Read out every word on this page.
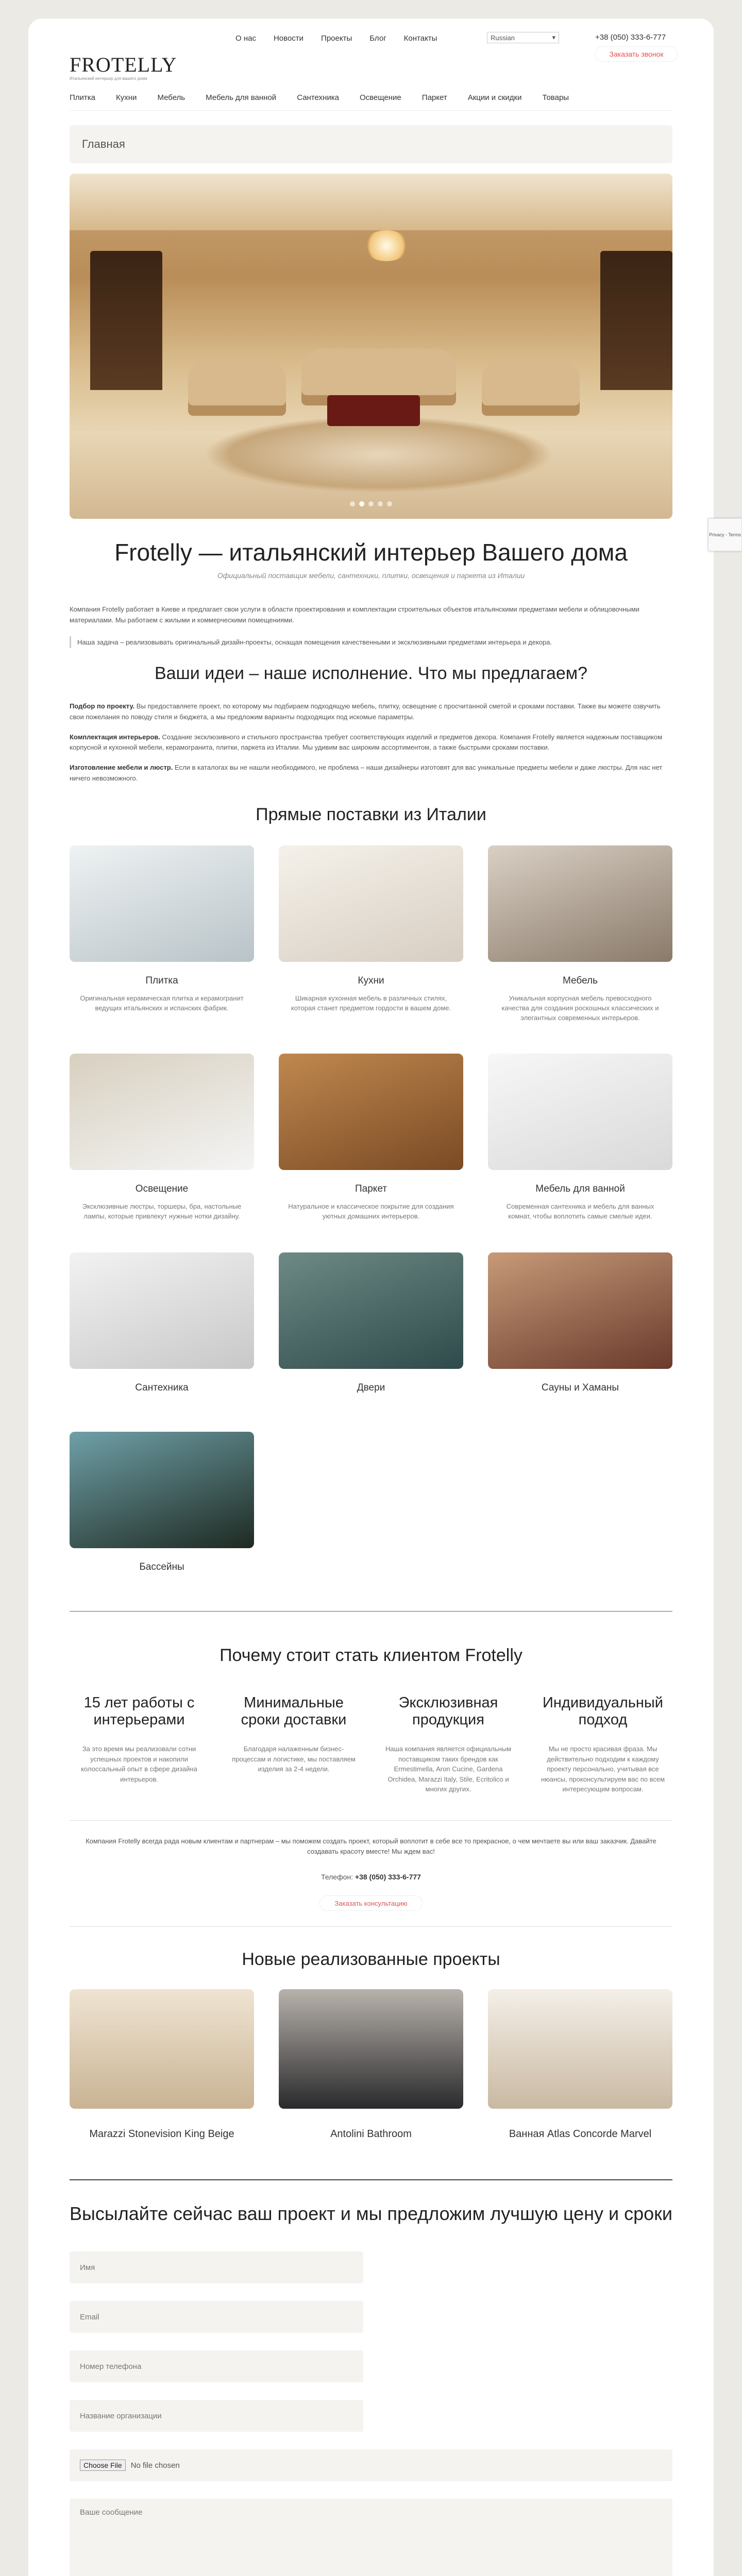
FROTELLY
Итальянский интерьер для вашего дома
О нас Новости Проекты Блог Контакты	Russian	▾	+38 (050) 333-6-777
Заказать звонок
Плитка	Кухни	Мебель	Мебель для ванной	Сантехника	Освещение	Паркет	Акции и скидки	Товары
Главная
Frotelly — итальянский интерьер Вашего дома
Официальный поставщик мебели, сантехники, плитки, освещения и паркета из Италии

Компания Frotelly работает в Киеве и предлагает свои услуги в области проектирования и комплектации строительных объектов итальянскими предметами мебели и облицовочными материалами. Мы работаем с жилыми и коммерческими помещениями.

Наша задача – реализовывать оригинальный дизайн-проекты, оснащая помещения качественными и эксклюзивными предметами интерьера и декора.
Ваши идеи – наше исполнение. Что мы предлагаем?

Подбор по проекту. Вы предоставляете проект, по которому мы подбираем подходящую мебель, плитку, освещение с просчитанной сметой и сроками поставки. Также вы можете озвучить свои пожелания по поводу стиля и бюджета, а мы предложим варианты подходящих под искомые параметры.

Комплектация интерьеров. Создание эксклюзивного и стильного пространства требует соответствующих изделий и предметов декора. Компания Frotelly является надежным поставщиком корпусной и кухонной мебели, керамогранита, плитки, паркета из Италии. Мы удивим вас широким ассортиментом, а также быстрыми сроками поставки.

Изготовление мебели и люстр. Если в каталогах вы не нашли необходимого, не проблема – наши дизайнеры изготовят для вас уникальные предметы мебели и даже люстры. Для нас нет ничего невозможного.

Прямые поставки из Италии
Плитка
Оригинальная керамическая плитка и керамогранит ведущих итальянских и испанских фабрик.
Кухни
Шикарная кухонная мебель в различных стилях, которая станет предметом гордости в вашем доме.
Мебель
Уникальная корпусная мебель превосходного качества для создания роскошных классических и элегантных современных интерьеров.
Освещение
Эксклюзивные люстры, торшеры, бра, настольные лампы, которые привлекут нужные нотки дизайну.
Паркет
Натуральное и классическое покрытие для создания уютных домашних интерьеров.
Мебель для ванной
Современная сантехника и мебель для ванных комнат, чтобы воплотить самые смелые идеи.
Сантехника	Двери	Сауны и Хаманы
Бассейны
Почему стоит стать клиентом Frotelly
15 лет работы с интерьерами

За это время мы реализовали сотни успешных проектов и накопили колоссальный опыт в сфере дизайна интерьеров.

Минимальные сроки доставки

Благодаря налаженным бизнес-процессам и логистике, мы поставляем изделия за 2-4 недели.

Эксклюзивная продукция

Наша компания является официальным поставщиком таких брендов как Ermestimella, Aron Cucine, Gardena Orchidea, Marazzi Italy, Stile, Ecritolico и многих других.

Индивидуальный подход

Мы не просто красивая фраза. Мы действительно подходим к каждому проекту персонально, учитывая все нюансы, проконсультируем вас по всем интересующим вопросам.

Компания Frotelly всегда рада новым клиентам и партнерам – мы поможем создать проект, который воплотит в себе все то прекрасное, о чем мечтаете вы или ваш заказчик. Давайте создавать красоту вместе! Мы ждем вас!
Телефон: +38 (050) 333-6-777
Заказать консультацию
Новые реализованные проекты
Marazzi Stonevision King Beige	Antolini Bathroom	Ванная Atlas Concorde Marvel
Высылайте сейчас ваш проект и мы предложим лучшую цену и сроки
Имя
Email
Номер телефона
Название организации
Choose File	No file chosen
Ваше сообщение
Privacy - Terms
